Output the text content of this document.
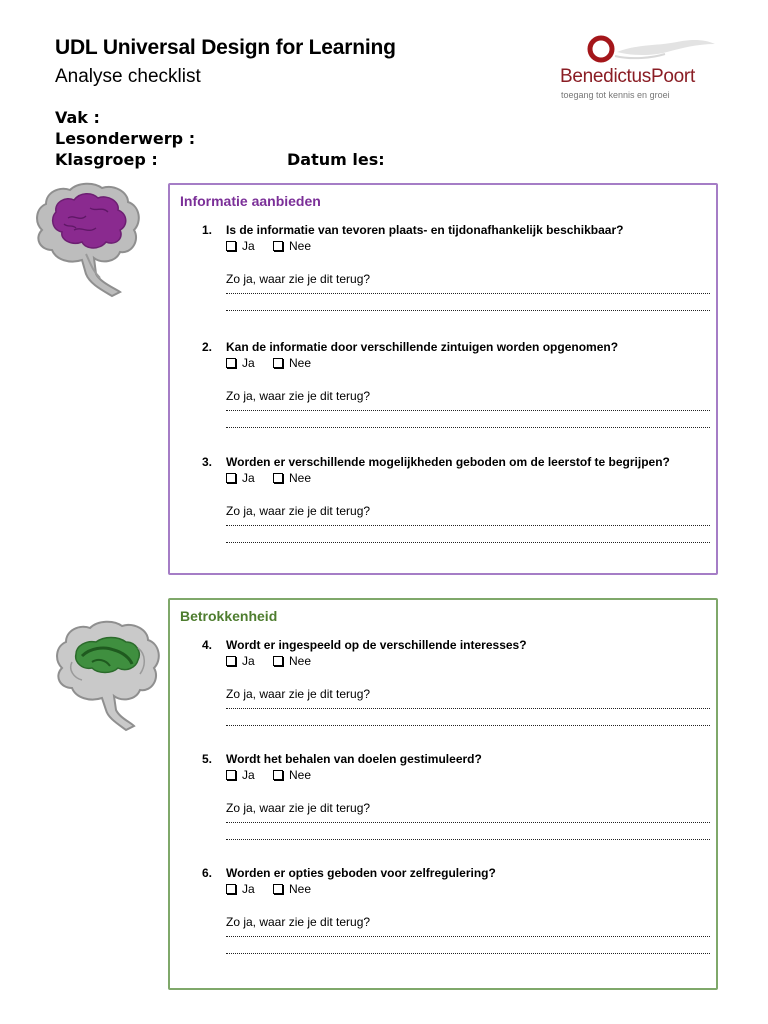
UDL Universal Design for Learning
Analyse checklist	BenedictusPoort
toegang tot kennis en groei
Vak :
Lesonderwerp :
Klasgroep :	Datum les:
Informatie aanbieden
1. Is de informatie van tevoren plaats- en tijdonafhankelijk beschikbaar?
Ja	Nee
Zo ja, waar zie je dit terug?
2. Kan de informatie door verschillende zintuigen worden opgenomen?
Ja	Nee
Zo ja, waar zie je dit terug?
3. Worden er verschillende mogelijkheden geboden om de leerstof te begrijpen?
Ja	Nee
Zo ja, waar zie je dit terug?
Betrokkenheid
4. Wordt er ingespeeld op de verschillende interesses?
Ja	Nee
Zo ja, waar zie je dit terug?
5. Wordt het behalen van doelen gestimuleerd?
Ja	Nee
Zo ja, waar zie je dit terug?
6. Worden er opties geboden voor zelfregulering?
Ja	Nee
Zo ja, waar zie je dit terug?
